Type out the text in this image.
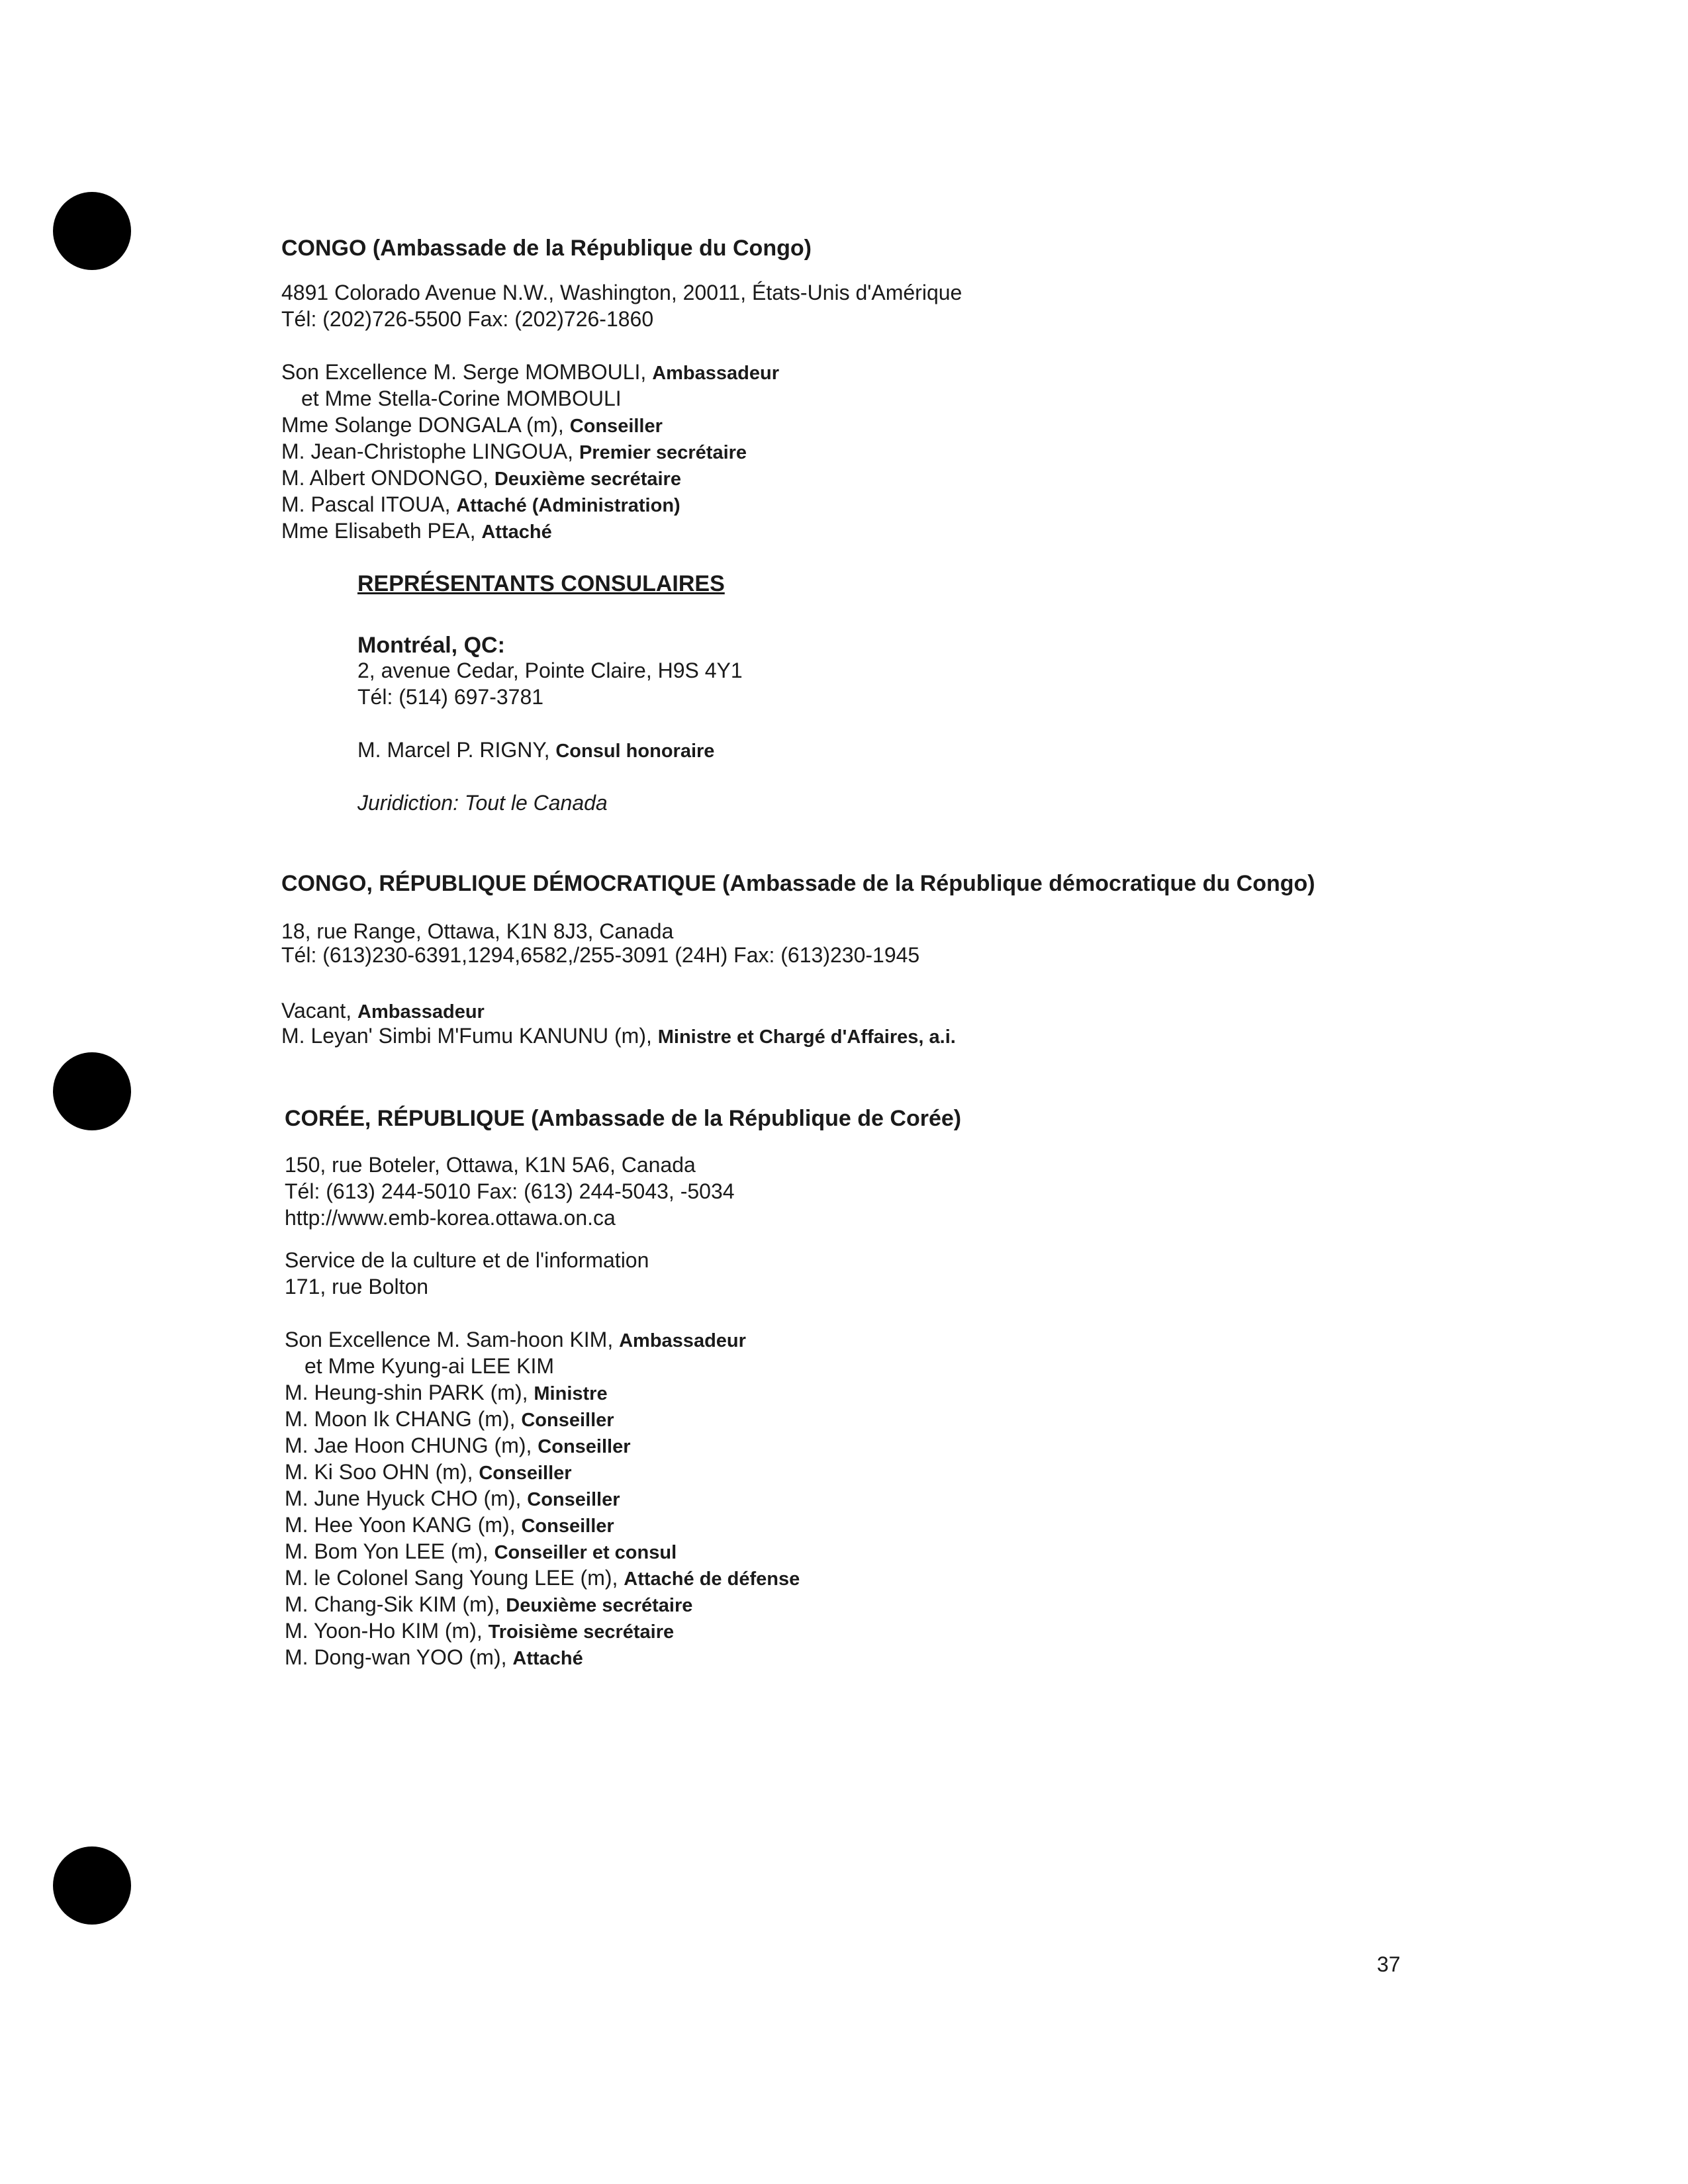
CONGO (Ambassade de la République du Congo)
4891 Colorado Avenue N.W., Washington, 20011, États-Unis d'Amérique
Tél: (202)726-5500 Fax: (202)726-1860
Son Excellence M. Serge MOMBOULI, Ambassadeur
et Mme Stella-Corine MOMBOULI
Mme Solange DONGALA (m), Conseiller
M. Jean-Christophe LINGOUA, Premier secrétaire
M. Albert ONDONGO, Deuxième secrétaire
M. Pascal ITOUA, Attaché (Administration)
Mme Elisabeth PEA, Attaché
REPRÉSENTANTS CONSULAIRES
Montréal, QC:
2, avenue Cedar, Pointe Claire, H9S 4Y1
Tél: (514) 697-3781
M. Marcel P. RIGNY, Consul honoraire
Juridiction: Tout le Canada
CONGO, RÉPUBLIQUE DÉMOCRATIQUE (Ambassade de la République démocratique du Congo)
18, rue Range, Ottawa, K1N 8J3, Canada
Tél: (613)230-6391,1294,6582,/255-3091 (24H) Fax: (613)230-1945
Vacant, Ambassadeur
M. Leyan' Simbi M'Fumu KANUNU (m), Ministre et Chargé d'Affaires, a.i.
CORÉE, RÉPUBLIQUE (Ambassade de la République de Corée)
150, rue Boteler, Ottawa, K1N 5A6, Canada
Tél: (613) 244-5010 Fax: (613) 244-5043, -5034
http://www.emb-korea.ottawa.on.ca
Service de la culture et de l'information
171, rue Bolton
Son Excellence M. Sam-hoon KIM, Ambassadeur
et Mme Kyung-ai LEE KIM
M. Heung-shin PARK (m), Ministre
M. Moon Ik CHANG (m), Conseiller
M. Jae Hoon CHUNG (m), Conseiller
M. Ki Soo OHN (m), Conseiller
M. June Hyuck CHO (m), Conseiller
M. Hee Yoon KANG (m), Conseiller
M. Bom Yon LEE (m), Conseiller et consul
M. le Colonel Sang Young LEE (m), Attaché de défense
M. Chang-Sik KIM (m), Deuxième secrétaire
M. Yoon-Ho KIM (m), Troisième secrétaire
M. Dong-wan YOO (m), Attaché
37
